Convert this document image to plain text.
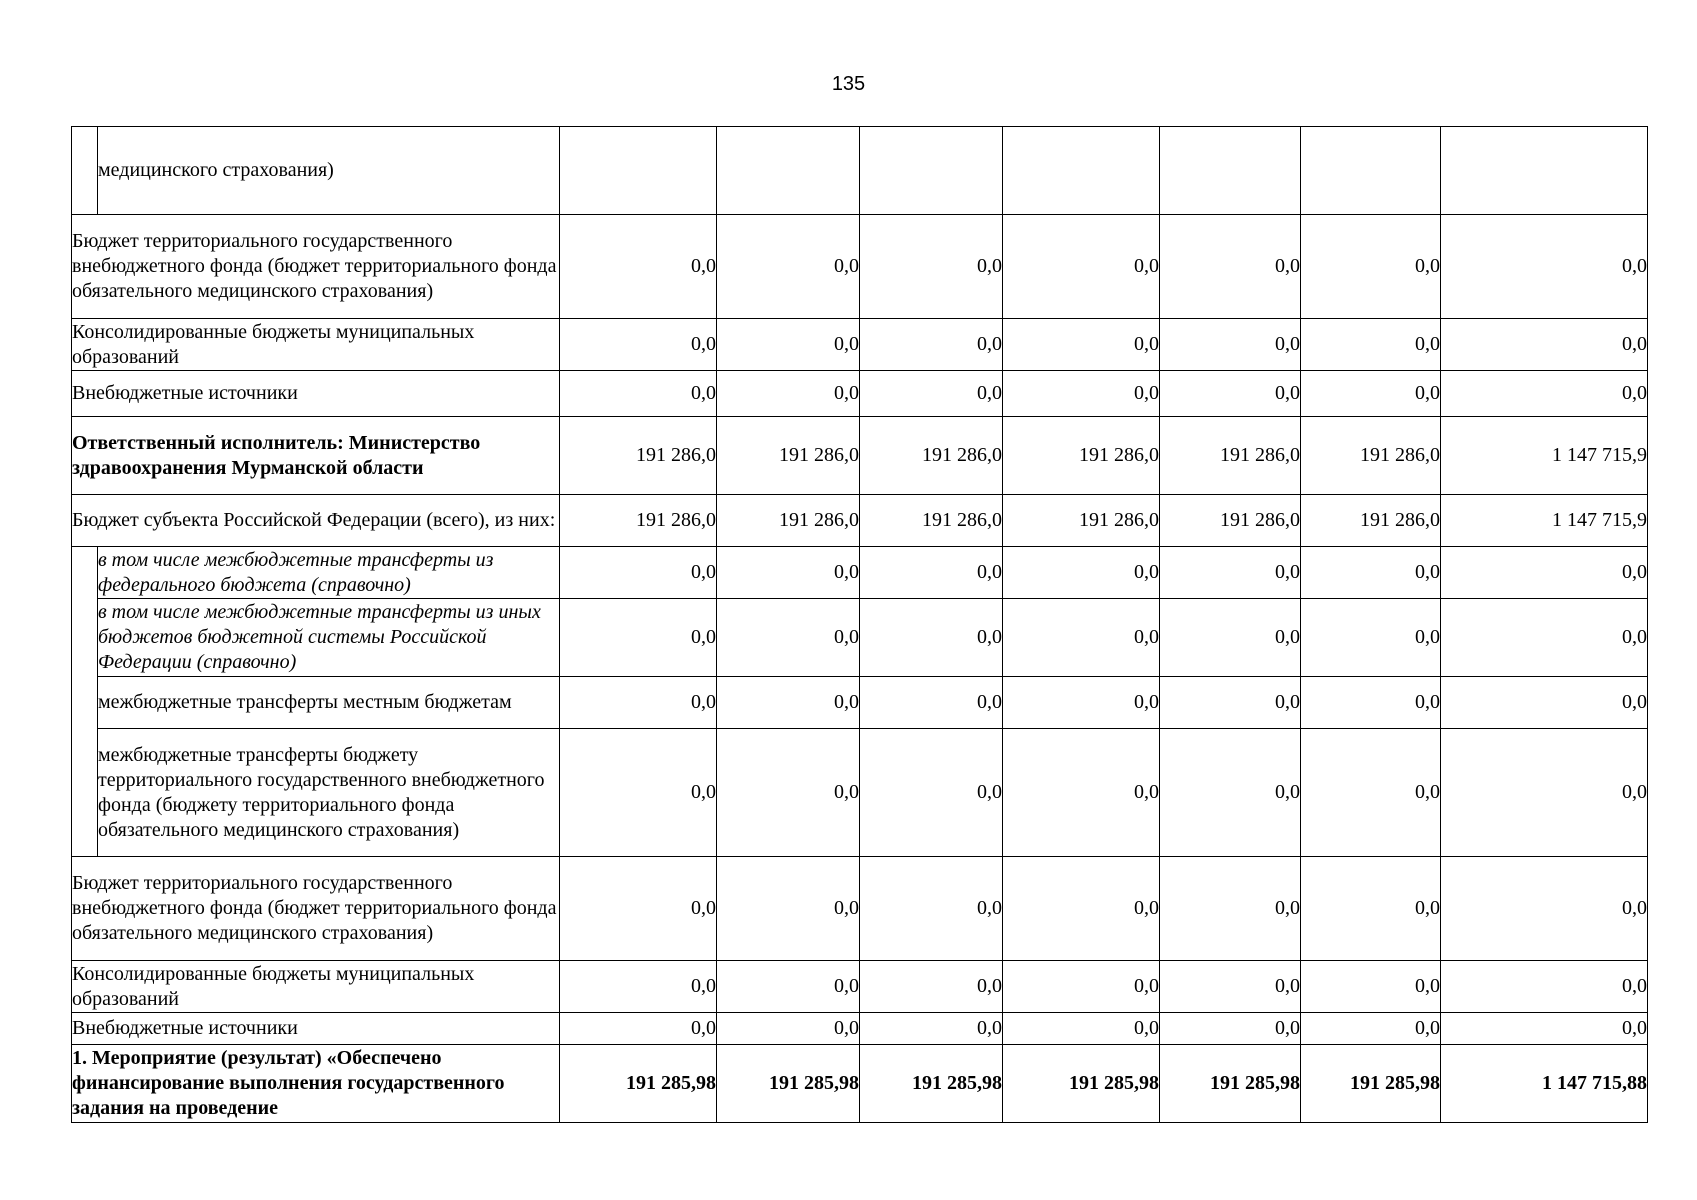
135
	медицинского страхования)							
Бюджет территориального государственного внебюджетного фонда (бюджет территориального фонда обязательного медицинского страхования)		0,0	0,0	0,0	0,0	0,0	0,0	0,0
Консолидированные бюджеты муниципальных образований		0,0	0,0	0,0	0,0	0,0	0,0	0,0
Внебюджетные источники		0,0	0,0	0,0	0,0	0,0	0,0	0,0
Ответственный исполнитель: Министерство здравоохранения Мурманской области		191 286,0	191 286,0	191 286,0	191 286,0	191 286,0	191 286,0	1 147 715,9
Бюджет субъекта Российской Федерации (всего), из них:		191 286,0	191 286,0	191 286,0	191 286,0	191 286,0	191 286,0	1 147 715,9
	в том числе межбюджетные трансферты из федерального бюджета (справочно)	0,0	0,0	0,0	0,0	0,0	0,0	0,0
	в том числе межбюджетные трансферты из иных бюджетов бюджетной системы Российской Федерации (справочно)	0,0	0,0	0,0	0,0	0,0	0,0	0,0
	межбюджетные трансферты местным бюджетам	0,0	0,0	0,0	0,0	0,0	0,0	0,0
	межбюджетные трансферты бюджету территориального государственного внебюджетного фонда (бюджету территориального фонда обязательного медицинского страхования)	0,0	0,0	0,0	0,0	0,0	0,0	0,0
Бюджет территориального государственного внебюджетного фонда (бюджет территориального фонда обязательного медицинского страхования)		0,0	0,0	0,0	0,0	0,0	0,0	0,0
Консолидированные бюджеты муниципальных образований		0,0	0,0	0,0	0,0	0,0	0,0	0,0
Внебюджетные источники		0,0	0,0	0,0	0,0	0,0	0,0	0,0
1. Мероприятие (результат) «Обеспечено финансирование выполнения государственного задания на проведение		191 285,98	191 285,98	191 285,98	191 285,98	191 285,98	191 285,98	1 147 715,88
